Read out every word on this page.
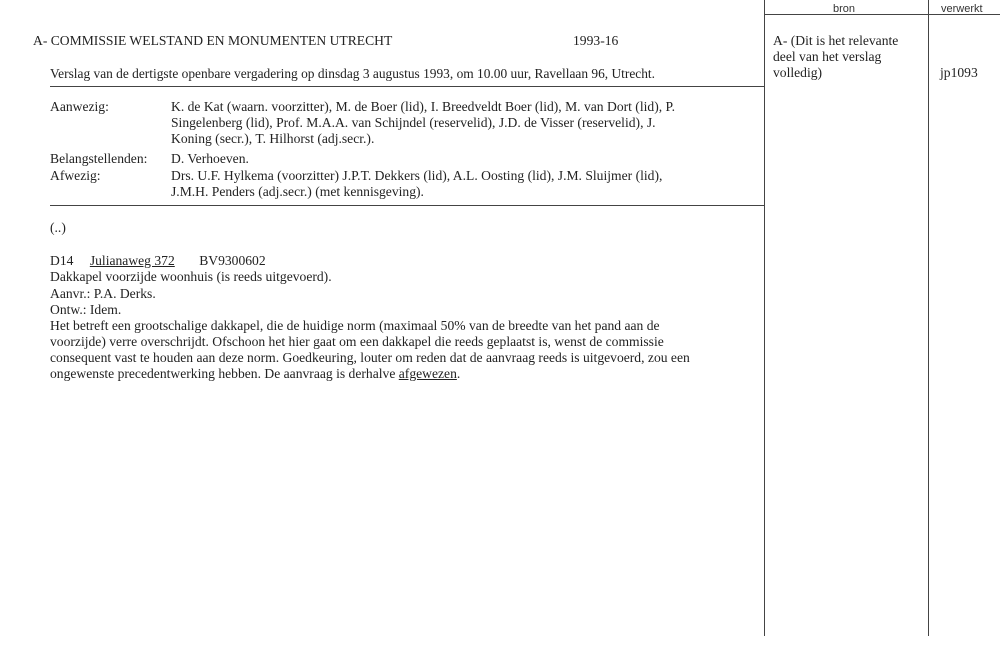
bron	verwerkt
A- (Dit is het relevante
deel van het verslag
volledig)	jp1093
A- COMMISSIE WELSTAND EN MONUMENTEN UTRECHT	1993-16
Verslag van de dertigste openbare vergadering op dinsdag 3 augustus 1993, om 10.00 uur, Ravellaan 96, Utrecht.
Aanwezig:	K. de Kat (waarn. voorzitter), M. de Boer (lid), I. Breedveldt Boer (lid), M. van Dort (lid), P.
Singelenberg (lid), Prof. M.A.A. van Schijndel (reservelid), J.D. de Visser (reservelid), J.
Koning (secr.), T. Hilhorst (adj.secr.).
Belangstellenden: D. Verhoeven.
Afwezig:	Drs. U.F. Hylkema (voorzitter) J.P.T. Dekkers (lid), A.L. Oosting (lid), J.M. Sluijmer (lid),
J.M.H. Penders (adj.secr.) (met kennisgeving).
(..)
D14 Julianaweg 372 BV9300602
Dakkapel voorzijde woonhuis (is reeds uitgevoerd).
Aanvr.: P.A. Derks.
Ontw.: Idem.
Het betreft een grootschalige dakkapel, die de huidige norm (maximaal 50% van de breedte van het pand aan de
voorzijde) verre overschrijdt. Ofschoon het hier gaat om een dakkapel die reeds geplaatst is, wenst de commissie
consequent vast te houden aan deze norm. Goedkeuring, louter om reden dat de aanvraag reeds is uitgevoerd, zou een
ongewenste precedentwerking hebben. De aanvraag is derhalve afgewezen.
